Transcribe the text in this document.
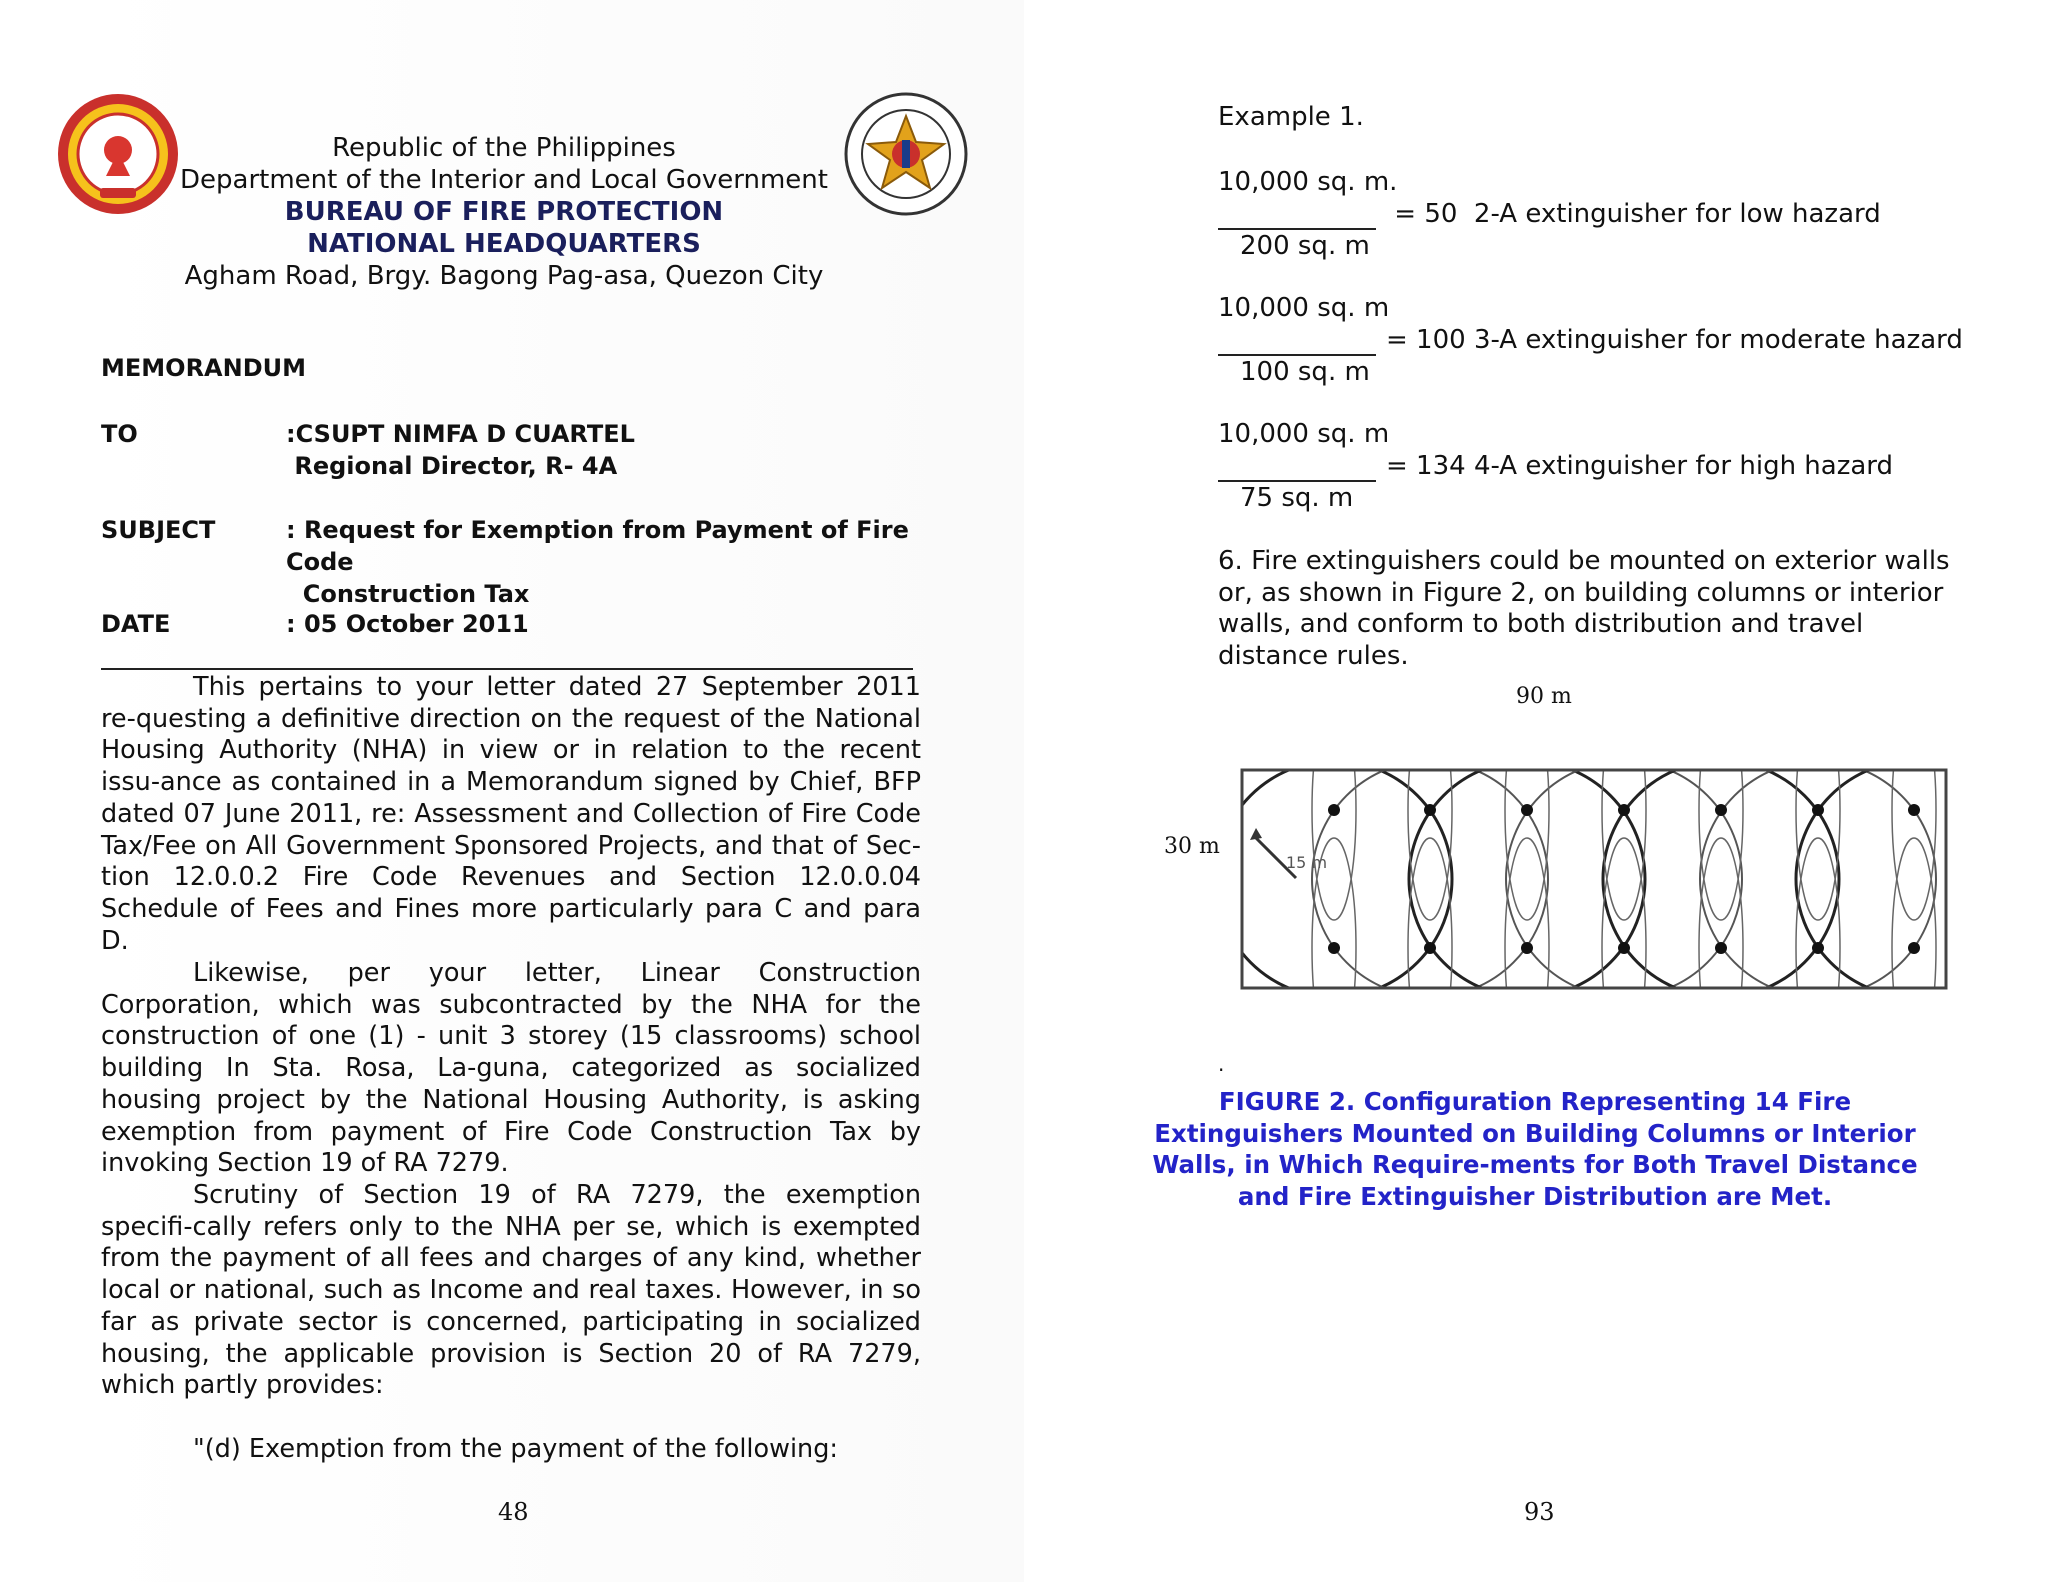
Republic of the Philippines
Department of the Interior and Local Government
BUREAU OF FIRE PROTECTION
NATIONAL HEADQUARTERS
Agham Road, Brgy. Bagong Pag-asa, Quezon City
MEMORANDUM
TO	:CSUPT NIMFA D CUARTEL
Regional Director, R- 4A
SUBJECT	: Request for Exemption from Payment of Fire Code
Construction Tax
DATE	: 05 October 2011
This pertains to your letter dated 27 September 2011 re-questing a definitive direction on the request of the National Housing Authority (NHA) in view or in relation to the recent issu-ance as contained in a Memorandum signed by Chief, BFP dated 07 June 2011, re: Assessment and Collection of Fire Code Tax/Fee on All Government Sponsored Projects, and that of Sec-tion 12.0.0.2 Fire Code Revenues and Section 12.0.0.04 Schedule of Fees and Fines more particularly para C and para D.
Likewise, per your letter, Linear Construction Corporation, which was subcontracted by the NHA for the construction of one (1) - unit 3 storey (15 classrooms) school building In Sta. Rosa, La-guna, categorized as socialized housing project by the National Housing Authority, is asking exemption from payment of Fire Code Construction Tax by invoking Section 19 of RA 7279.
Scrutiny of Section 19 of RA 7279, the exemption specifi-cally refers only to the NHA per se, which is exempted from the payment of all fees and charges of any kind, whether local or national, such as Income and real taxes. However, in so far as private sector is concerned, participating in socialized housing, the applicable provision is Section 20 of RA 7279, which partly provides:
"(d) Exemption from the payment of the following:
48
Example 1.
10,000 sq. m.
= 50  2-A extinguisher for low hazard
200 sq. m
10,000 sq. m
= 100 3-A extinguisher for moderate hazard
100 sq. m
10,000 sq. m
= 134 4-A extinguisher for high hazard
75 sq. m
6. Fire extinguishers could be mounted on exterior walls or, as shown in Figure 2, on building columns or interior walls, and conform to both distribution and travel distance rules.
90 m
30 m
15 m
.
FIGURE 2. Configuration Representing 14 Fire Extinguishers Mounted on Building Columns or Interior Walls, in Which Require-ments for Both Travel Distance and Fire Extinguisher Distribution are Met.
93
